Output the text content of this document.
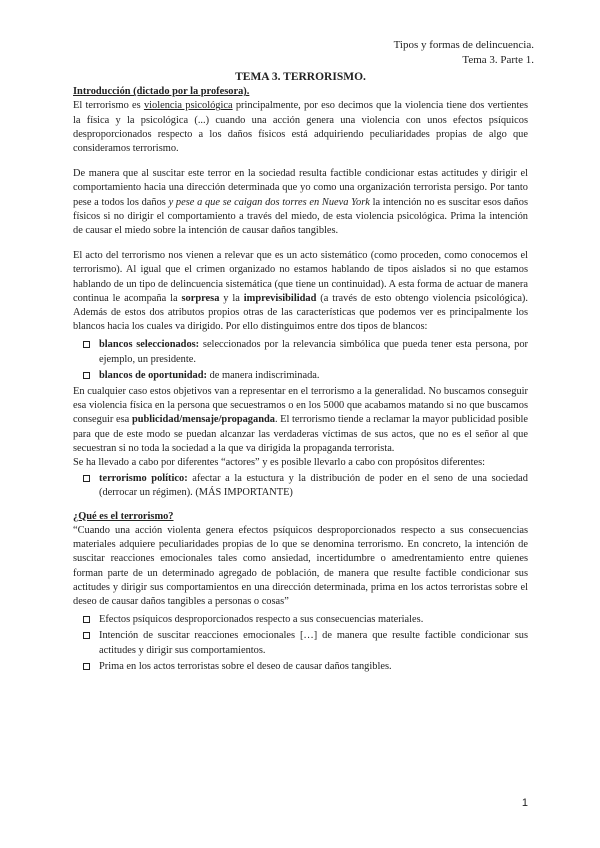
Tipos y formas de delincuencia.
Tema 3. Parte 1.
TEMA 3. TERRORISMO.

Introducción (dictado por la profesora).

El terrorismo es violencia psicológica principalmente, por eso decimos que la violencia tiene dos vertientes la física y la psicológica (...) cuando una acción genera una violencia con unos efectos psíquicos desproporcionados respecto a los daños físicos está adquiriendo peculiaridades propias de algo que consideramos terrorismo.

De manera que al suscitar este terror en la sociedad resulta factible condicionar estas actitudes y dirigir el comportamiento hacia una dirección determinada que yo como una organización terrorista persigo. Por tanto pese a todos los daños y pese a que se caigan dos torres en Nueva York la intención no es suscitar esos daños físicos si no dirigir el comportamiento a través del miedo, de esta violencia psicológica. Prima la intención de causar el miedo sobre la intención de causar daños tangibles.

El acto del terrorismo nos vienen a relevar que es un acto sistemático (como proceden, como conocemos el terrorismo). Al igual que el crimen organizado no estamos hablando de tipos aislados si no que estamos hablando de un tipo de delincuencia sistemática (que tiene un continuidad). A esta forma de actuar de manera continua le acompaña la sorpresa y la imprevisibilidad (a través de esto obtengo violencia psicológica). Además de estos dos atributos propios otras de las características que podemos ver es principalmente los blancos hacia los cuales va dirigido. Por ello distinguimos entre dos tipos de blancos:

blancos seleccionados: seleccionados por la relevancia simbólica que pueda tener esta persona, por ejemplo, un presidente.
blancos de oportunidad: de manera indiscriminada.

En cualquier caso estos objetivos van a representar en el terrorismo a la generalidad. No buscamos conseguir esa violencia física en la persona que secuestramos o en los 5000 que acabamos matando si no que buscamos conseguir esa publicidad/mensaje/propaganda. El terrorismo tiende a reclamar la mayor publicidad posible para que de este modo se puedan alcanzar las verdaderas víctimas de sus actos, que no es el señor al que secuestran si no toda la sociedad a la que va dirigida la propaganda terrorista.

Se ha llevado a cabo por diferentes “actores” y es posible llevarlo a cabo con propósitos diferentes:

terrorismo político: afectar a la estuctura y la distribución de poder en el seno de una sociedad (derrocar un régimen). (MÁS IMPORTANTE)

¿Qué es el terrorismo?

“Cuando una acción violenta genera efectos psíquicos desproporcionados respecto a sus consecuencias materiales adquiere peculiaridades propias de lo que se denomina terrorismo. En concreto, la intención de suscitar reacciones emocionales tales como ansiedad, incertidumbre o amedrentamiento entre quienes forman parte de un determinado agregado de población, de manera que resulte factible condicionar sus actitudes y dirigir sus comportamientos en una dirección determinada, prima en los actos terroristas sobre el deseo de causar daños tangibles a personas o cosas”

Efectos psíquicos desproporcionados respecto a sus consecuencias materiales.
Intención de suscitar reacciones emocionales […] de manera que resulte factible condicionar sus actitudes y dirigir sus comportamientos.
Prima en los actos terroristas sobre el deseo de causar daños tangibles.
1
